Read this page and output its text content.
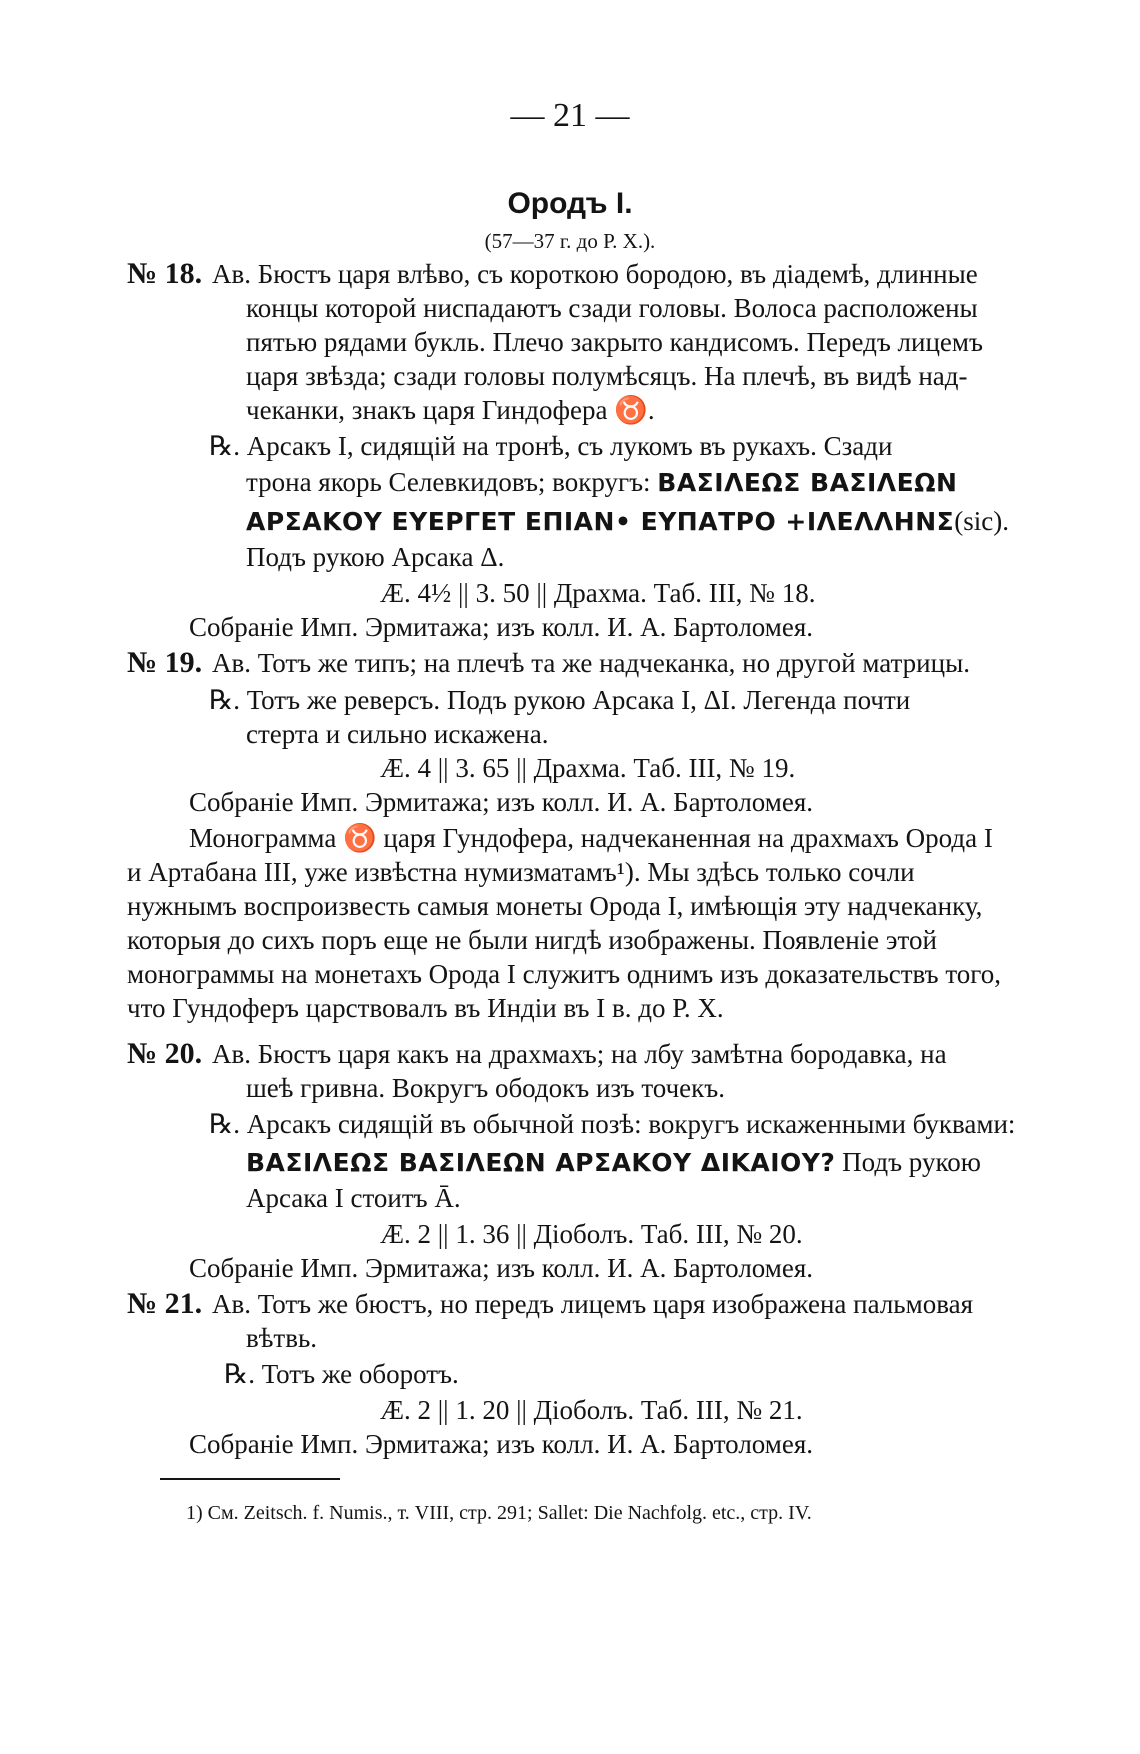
— 21 —
Ородъ I.
(57—37 г. до Р. Х.).
№ 18. Ав. Бюстъ царя влѣво, съ короткою бородою, въ діадемѣ, длинные
концы которой ниспадаютъ сзади головы. Волоса расположены
пятью рядами букль. Плечо закрыто кандисомъ. Передъ лицемъ
царя звѣзда; сзади головы полумѣсяцъ. На плечѣ, въ видѣ над-
чеканки, знакъ царя Гиндофера ♉.
℞. Арсакъ I, сидящій на тронѣ, съ лукомъ въ рукахъ. Сзади
трона якорь Селевкидовъ; вокругъ: ΒΑΣΙΛΕΩΣ ΒΑΣΙΛΕΩΝ
ΑΡΣΑΚΟΥ ΕΥΕΡΓΕΤ ΕΠΙΑΝ• ΕΥΠΑΤΡΟ +ΙΛΕΛΛΗΝΣ(sic).
Подъ рукою Арсака Δ.
Æ. 4½ || 3. 50 || Драхма. Таб. III, № 18.
Собраніе Имп. Эрмитажа; изъ колл. И. А. Бартоломея.
№ 19. Ав. Тотъ же типъ; на плечѣ та же надчеканка, но другой матрицы.
℞. Тотъ же реверсъ. Подъ рукою Арсака I, ΔI. Легенда почти
стерта и сильно искажена.
Æ. 4 || 3. 65 || Драхма. Таб. III, № 19.
Собраніе Имп. Эрмитажа; изъ колл. И. А. Бартоломея.
Монограмма ♉ царя Гундофера, надчеканенная на драхмахъ Орода I
и Артабана III, уже извѣстна нумизматамъ¹). Мы здѣсь только сочли
нужнымъ воспроизвесть самыя монеты Орода I, имѣющія эту надчеканку,
которыя до сихъ поръ еще не были нигдѣ изображены. Появленіе этой
монограммы на монетахъ Орода I служитъ однимъ изъ доказательствъ того,
что Гундоферъ царствовалъ въ Индіи въ I в. до Р. Х.
№ 20. Ав. Бюстъ царя какъ на драхмахъ; на лбу замѣтна бородавка, на
шеѣ гривна. Вокругъ ободокъ изъ точекъ.
℞. Арсакъ сидящій въ обычной позѣ: вокругъ искаженными буквами:
ΒΑΣΙΛΕΩΣ ΒΑΣΙΛΕΩΝ ΑΡΣΑΚΟΥ ΔΙΚΑΙΟΥ? Подъ рукою
Арсака I стоитъ Ā.
Æ. 2 || 1. 36 || Діоболъ. Таб. III, № 20.
Собраніе Имп. Эрмитажа; изъ колл. И. А. Бартоломея.
№ 21. Ав. Тотъ же бюстъ, но передъ лицемъ царя изображена пальмовая
вѣтвь.
℞. Тотъ же оборотъ.
Æ. 2 || 1. 20 || Діоболъ. Таб. III, № 21.
Собраніе Имп. Эрмитажа; изъ колл. И. А. Бартоломея.
1) См. Zeitsch. f. Numis., т. VIII, стр. 291; Sallet: Die Nachfolg. etc., стр. IV.
